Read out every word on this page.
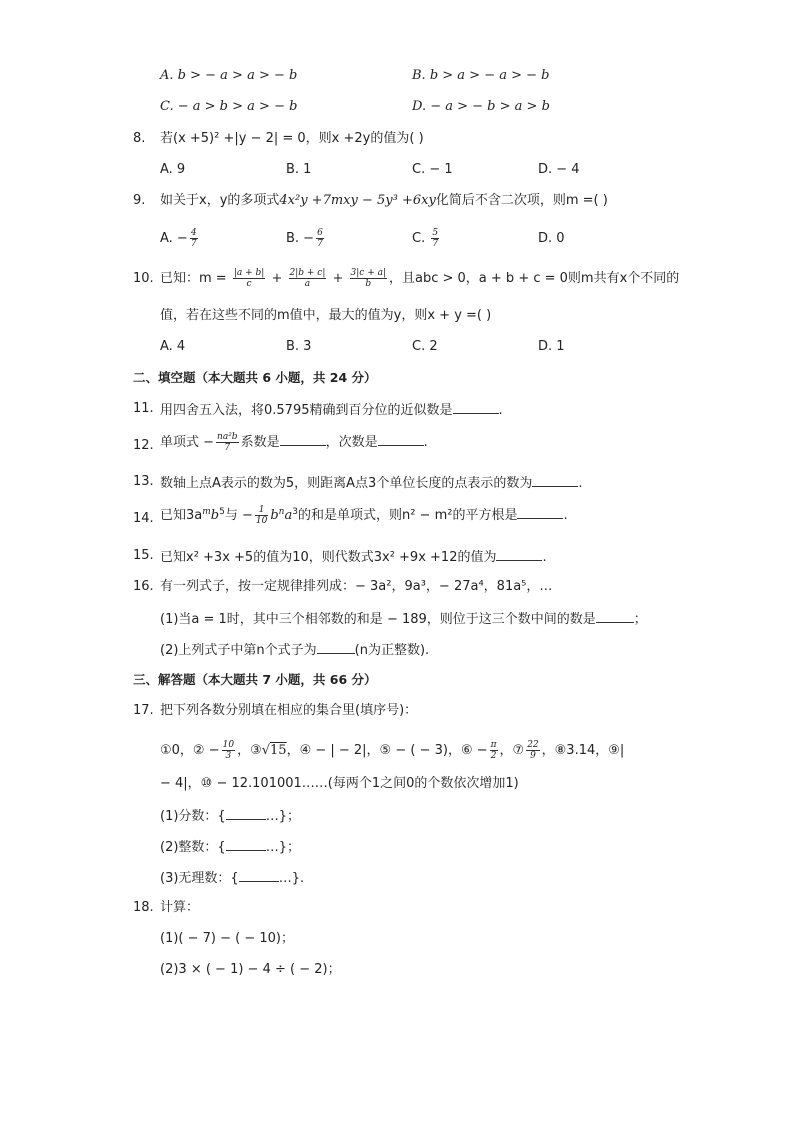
A. b > − a > a > − b	B. b > a > − a > − b
C. − a > b > a > − b	D. − a > − b > a > b
8. 若(x +5)² +|y − 2| = 0，则x +2y的值为( )
A. 9	B. 1	C. − 1	D. − 4
9. 如关于x，y的多项式4x²y +7mxy − 5y³ +6xy化简后不含二次项，则m =( )
A. − $\frac{4}{7}$	B. − $\frac{6}{7}$	C. $\frac{5}{7}$	D. 0
10. 已知：$m = \frac{|a + b|}{c} + \frac{2|b + c|}{a} + \frac{3|c + a|}{b}$ ，且abc > 0，a + b + c = 0则m共有x个不同的
值，若在这些不同的m值中，最大的值为y，则x + y =( )
A. 4	B. 3	C. 2	D. 1
二、填空题（本大题共 6 小题，共 24 分）
11. 用四舍五入法，将0.5795精确到百分位的近似数是	.
12. 单项式 − $\frac{\text{na²b}}{7}$ 系数是	，次数是	.
13. 数轴上点A表示的数为5，则距离A点3个单位长度的点表示的数为	.
14. 已知$3a^mb^5$与 − $\frac{1}{10} b^na^3$的和是单项式，则n² − m²的平方根是	.
15. 已知x² +3x +5的值为10，则代数式3x² +9x +12的值为	.
16. 有一列式子，按一定规律排列成：− 3a²，9a³，− 27a⁴，81a⁵，…
(1)当a = 1时，其中三个相邻数的和是 − 189，则位于这三个数中间的数是	；
(2)上列式子中第n个式子为	(n为正整数).
三、解答题（本大题共 7 小题，共 66 分）
17. 把下列各数分别填在相应的集合里(填序号)：
①0，② − $\frac{10}{3}$ ，③√15，④ − | − 2|，⑤ − ( − 3)，⑥ − $\frac{\pi}{2}$ ，⑦ $\frac{22}{9}$ ，⑧3.14，⑨|
− 4|，⑩ − 12.101001……(每两个1之间0的个数依次增加1)
(1)分数：{	…}；
(2)整数：{	…}；
(3)无理数：{	…}.
18. 计算：
(1)( − 7) − ( − 10)；
(2)3 × ( − 1) − 4 ÷ ( − 2)；
